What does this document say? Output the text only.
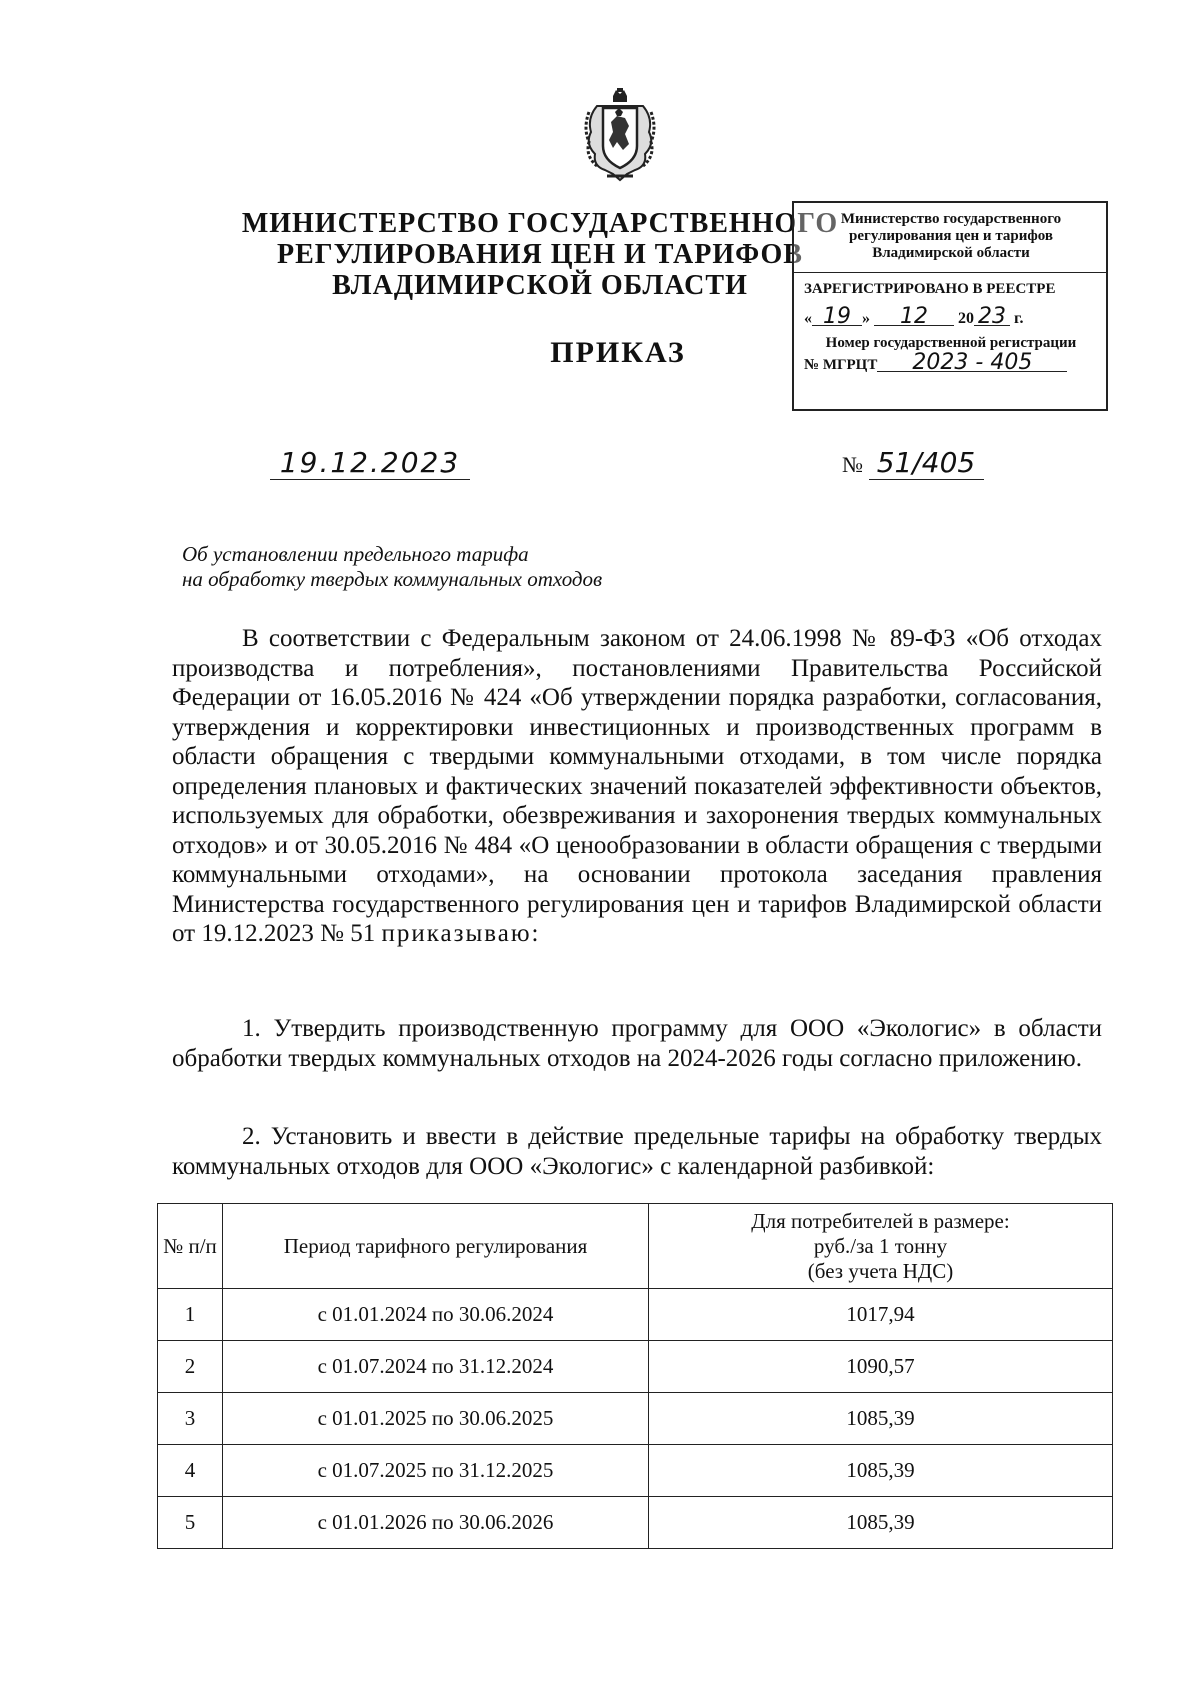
МИНИСТЕРСТВО ГОСУДАРСТВЕННОГО
РЕГУЛИРОВАНИЯ ЦЕН И ТАРИФОВ
ВЛАДИМИРСКОЙ ОБЛАСТИ
Министерство государственного
регулирования цен и тарифов
Владимирской области
ЗАРЕГИСТРИРОВАНО В РЕЕСТРЕ
« 19 » 12 20 23 г.
Номер государственной регистрации
№ МГРЦТ 2023 - 405
ПРИКАЗ
19.12.2023	№ 51/405
Об установлении предельного тарифа
на обработку твердых коммунальных отходов
В соответствии с Федеральным законом от 24.06.1998 № 89-ФЗ «Об отходах производства и потребления», постановлениями Правительства Российской Федерации от 16.05.2016 № 424 «Об утверждении порядка разработки, согласования, утверждения и корректировки инвестиционных и производственных программ в области обращения с твердыми коммунальными отходами, в том числе порядка определения плановых и фактических значений показателей эффективности объектов, используемых для обработки, обезвреживания и захоронения твердых коммунальных отходов» и от 30.05.2016 № 484 «О ценообразовании в области обращения с твердыми коммунальными отходами», на основании протокола заседания правления Министерства государственного регулирования цен и тарифов Владимирской области от 19.12.2023 № 51 приказываю:
1. Утвердить производственную программу для ООО «Экологис» в области обработки твердых коммунальных отходов на 2024-2026 годы согласно приложению.
2. Установить и ввести в действие предельные тарифы на обработку твердых коммунальных отходов для ООО «Экологис» с календарной разбивкой:
№ п/п	Период тарифного регулирования	Для потребителей в размере:
руб./за 1 тонну
(без учета НДС)

1	с 01.01.2024 по 30.06.2024	1017,94
2	с 01.07.2024 по 31.12.2024	1090,57
3	с 01.01.2025 по 30.06.2025	1085,39
4	с 01.07.2025 по 31.12.2025	1085,39
5	с 01.01.2026 по 30.06.2026	1085,39
